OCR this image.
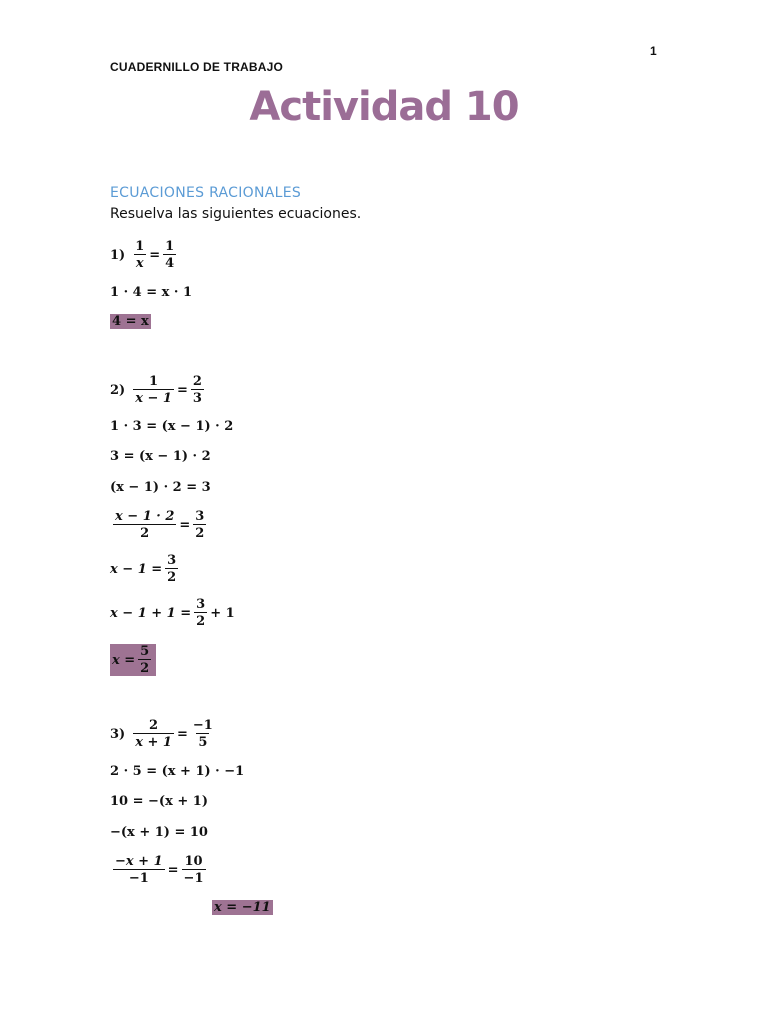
1
CUADERNILLO DE TRABAJO
Actividad 10
ECUACIONES RACIONALES
Resuelva las siguientes ecuaciones.
$1) \frac{1}{x} = \frac{1}{4}$
1 · 4 = x · 1
4 = x
$2) \frac{1}{x - 1} = \frac{2}{3}$
1 · 3 = (x − 1) · 2
3 = (x − 1) · 2
(x − 1) · 2 = 3
$\frac{x - 1 \cdot 2}{2} = \frac{3}{2}$
$x - 1 = \frac{3}{2}$
$x - 1 + 1 = \frac{3}{2} + 1$
$x = \frac{5}{2}$
$3) \frac{2}{x + 1} = \frac{-1}{5}$
2 · 5 = (x + 1) · −1
10 = −(x + 1)
−(x + 1) = 10
$\frac{-x + 1}{-1} = \frac{10}{-1}$
x = −11
